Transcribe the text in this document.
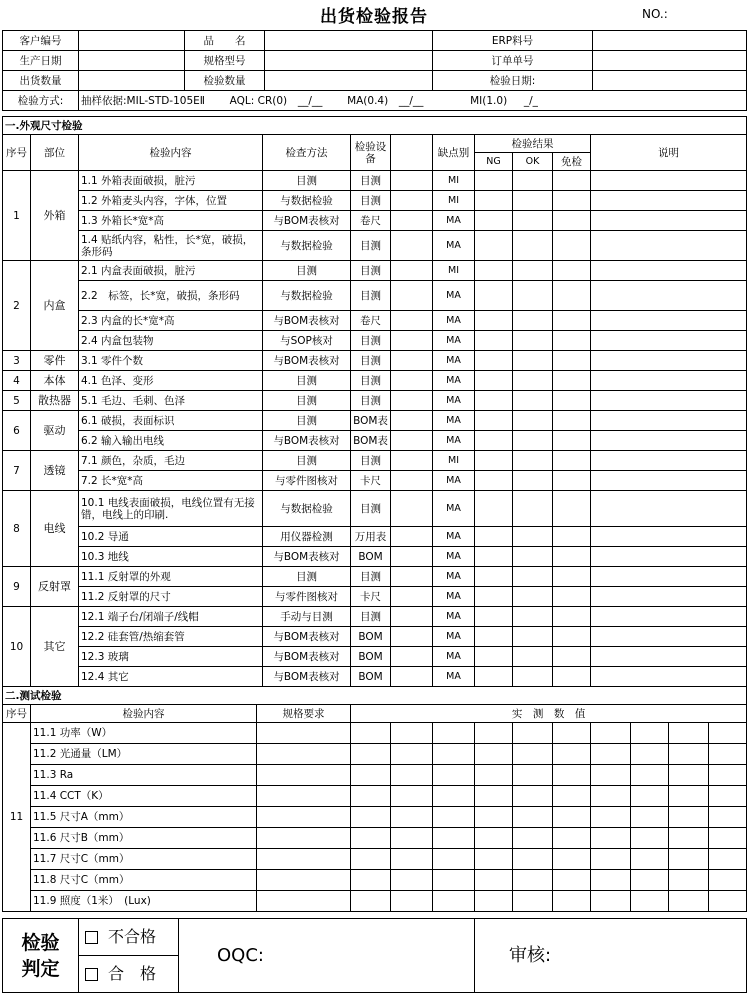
出货检验报告	NO.:
客户编号		品　　名		ERP料号	
生产日期		规格型号		订单单号	
出货数量		检验数量		检验日期:	
检验方式:	抽样依据:MIL-STD-105EⅡ AQL: CR(0) __/__ MA(0.4) __/__ MI(1.0) _/_				
一.外观尺寸检验										
序号	部位	检验内容	检查方法	检验设备		缺点别	检验结果			说明
							NG	OK	免检	
1	外箱	1.1 外箱表面破损，脏污	目测	目测		MI				
		1.2 外箱麦头内容，字体，位置	与数据检验	目测		MI				
		1.3 外箱长*宽*高	与BOM表核对	卷尺		MA				
		1.4 贴纸内容，粘性，长*宽，破损，条形码	与数据检验	目测		MA				
2	内盒	2.1 内盒表面破损，脏污	目测	目测		MI				
		2.2　标签，长*宽，破损，条形码	与数据检验	目测		MA				
		2.3 内盒的长*宽*高	与BOM表核对	卷尺		MA				
		2.4 内盒包装物	与SOP核对	目测		MA				
3	零件	3.1 零件个数	与BOM表核对	目测		MA				
4	本体	4.1 色泽、变形	目测	目测		MA				
5	散热器	5.1 毛边、毛刺、色泽	目测	目测		MA				
6	驱动	6.1 破损，表面标识	目测	BOM表		MA				
		6.2 输入输出电线	与BOM表核对	BOM表		MA				
7	透镜	7.1 颜色，杂质，毛边	目测	目测		MI				
		7.2 长*宽*高	与零件图核对	卡尺		MA				
8	电线	10.1 电线表面破损，电线位置有无接错，电线上的印刷.	与数据检验	目测		MA				
		10.2 导通	用仪器检测	万用表		MA				
		10.3 地线	与BOM表核对	BOM		MA				
9	反射罩	11.1 反射罩的外观	目测	目测		MA				
		11.2 反射罩的尺寸	与零件图核对	卡尺		MA				
10	其它	12.1 端子台/闭端子/线帽	手动与目测	目测		MA				
		12.2 硅套管/热缩套管	与BOM表核对	BOM		MA				
		12.3 玻璃	与BOM表核对	BOM		MA				
		12.4 其它	与BOM表核对	BOM		MA				
二.测试检验												
序号	检验内容	规格要求	实　测　数　值									
11	11.1 功率（W）											
	11.2 光通量（LM）											
	11.3 Ra											
	11.4 CCT（K）											
	11.5 尺寸A（mm）											
	11.6 尺寸B（mm）											
	11.7 尺寸C（mm）											
	11.8 尺寸C（mm）											
	11.9 照度（1米）　(Lux)											
检验
判定
	不合格	OQC:	审核:
合　格
